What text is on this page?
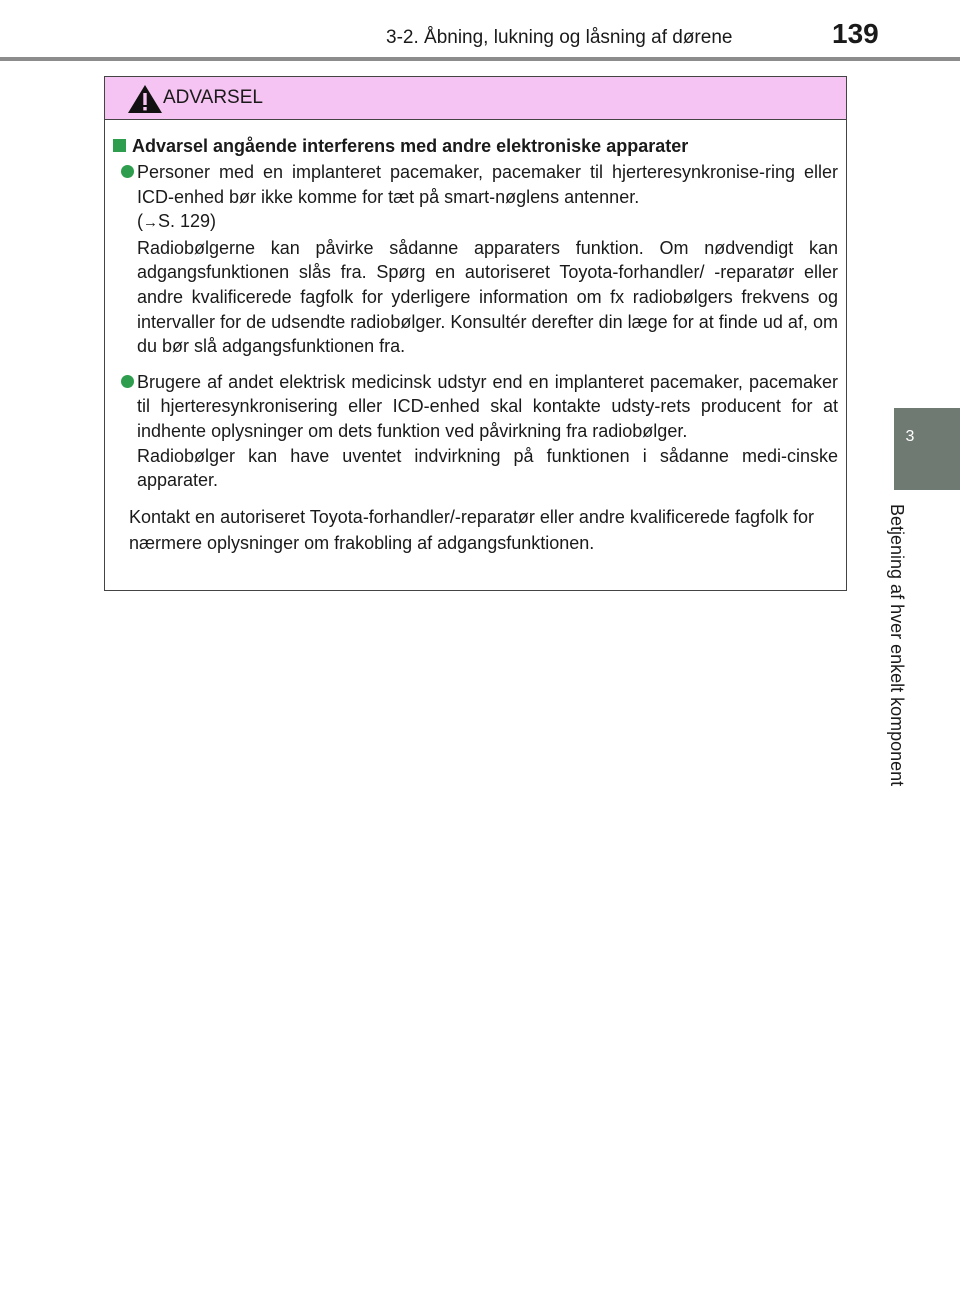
3-2. Åbning, lukning og låsning af dørene	139
3
Betjening af hver enkelt komponent
ADVARSEL
Advarsel angående interferens med andre elektroniske apparater

Personer med en implanteret pacemaker, pacemaker til hjerteresynkronise-ring eller ICD-enhed bør ikke komme for tæt på smart-nøglens antenner.
(→S. 129)

Radiobølgerne kan påvirke sådanne apparaters funktion. Om nødvendigt kan adgangsfunktionen slås fra. Spørg en autoriseret Toyota-forhandler/ -reparatør eller andre kvalificerede fagfolk for yderligere information om fx radiobølgers frekvens og intervaller for de udsendte radiobølger. Konsultér derefter din læge for at finde ud af, om du bør slå adgangsfunktionen fra.

Brugere af andet elektrisk medicinsk udstyr end en implanteret pacemaker, pacemaker til hjerteresynkronisering eller ICD-enhed skal kontakte udsty-rets producent for at indhente oplysninger om dets funktion ved påvirkning fra radiobølger.

Radiobølger kan have uventet indvirkning på funktionen i sådanne medi-cinske apparater.

Kontakt en autoriseret Toyota-forhandler/-reparatør eller andre kvalificerede fagfolk for nærmere oplysninger om frakobling af adgangsfunktionen.
